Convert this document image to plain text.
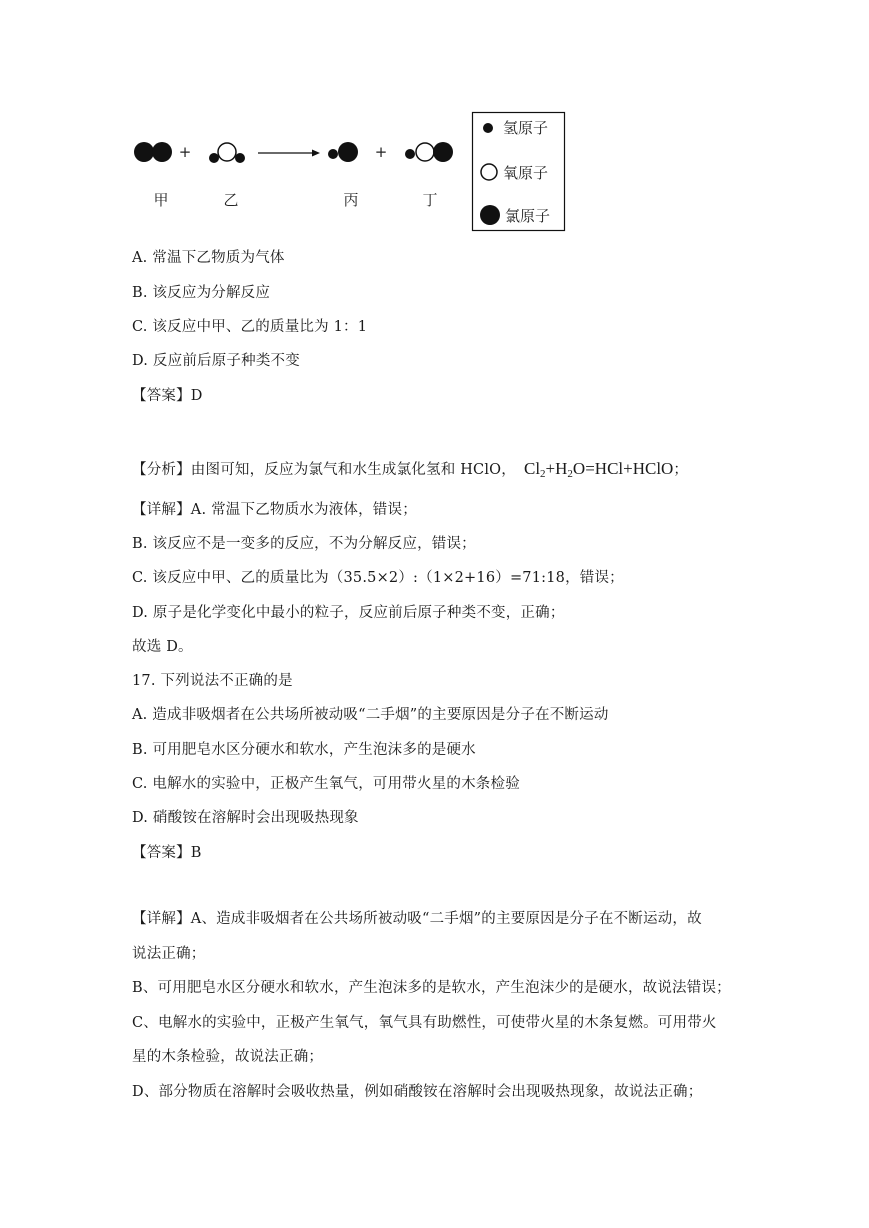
+	+
甲	乙	丙	丁
氢原子
氧原子
氯原子
A. 常温下乙物质为气体
B. 该反应为分解反应
C. 该反应中甲、乙的质量比为 1：1
D. 反应前后原子种类不变
【答案】D
【分析】由图可知，反应为氯气和水生成氯化氢和 HClO， $Cl_2+H_2O=HCl+HClO$；
【详解】A. 常温下乙物质水为液体，错误；
B. 该反应不是一变多的反应，不为分解反应，错误；
C. 该反应中甲、乙的质量比为（35.5×2）:（1×2+16）=71:18，错误；
D. 原子是化学变化中最小的粒子，反应前后原子种类不变，正确；
故选 D。
17. 下列说法不正确的是
A. 造成非吸烟者在公共场所被动吸“二手烟”的主要原因是分子在不断运动
B. 可用肥皂水区分硬水和软水，产生泡沫多的是硬水
C. 电解水的实验中，正极产生氧气，可用带火星的木条检验
D. 硝酸铵在溶解时会出现吸热现象
【答案】B
【详解】A、造成非吸烟者在公共场所被动吸“二手烟”的主要原因是分子在不断运动，故
说法正确；
B、可用肥皂水区分硬水和软水，产生泡沫多的是软水，产生泡沫少的是硬水，故说法错误；
C、电解水的实验中，正极产生氧气，氧气具有助燃性，可使带火星的木条复燃。可用带火
星的木条检验，故说法正确；
D、部分物质在溶解时会吸收热量，例如硝酸铵在溶解时会出现吸热现象，故说法正确；
